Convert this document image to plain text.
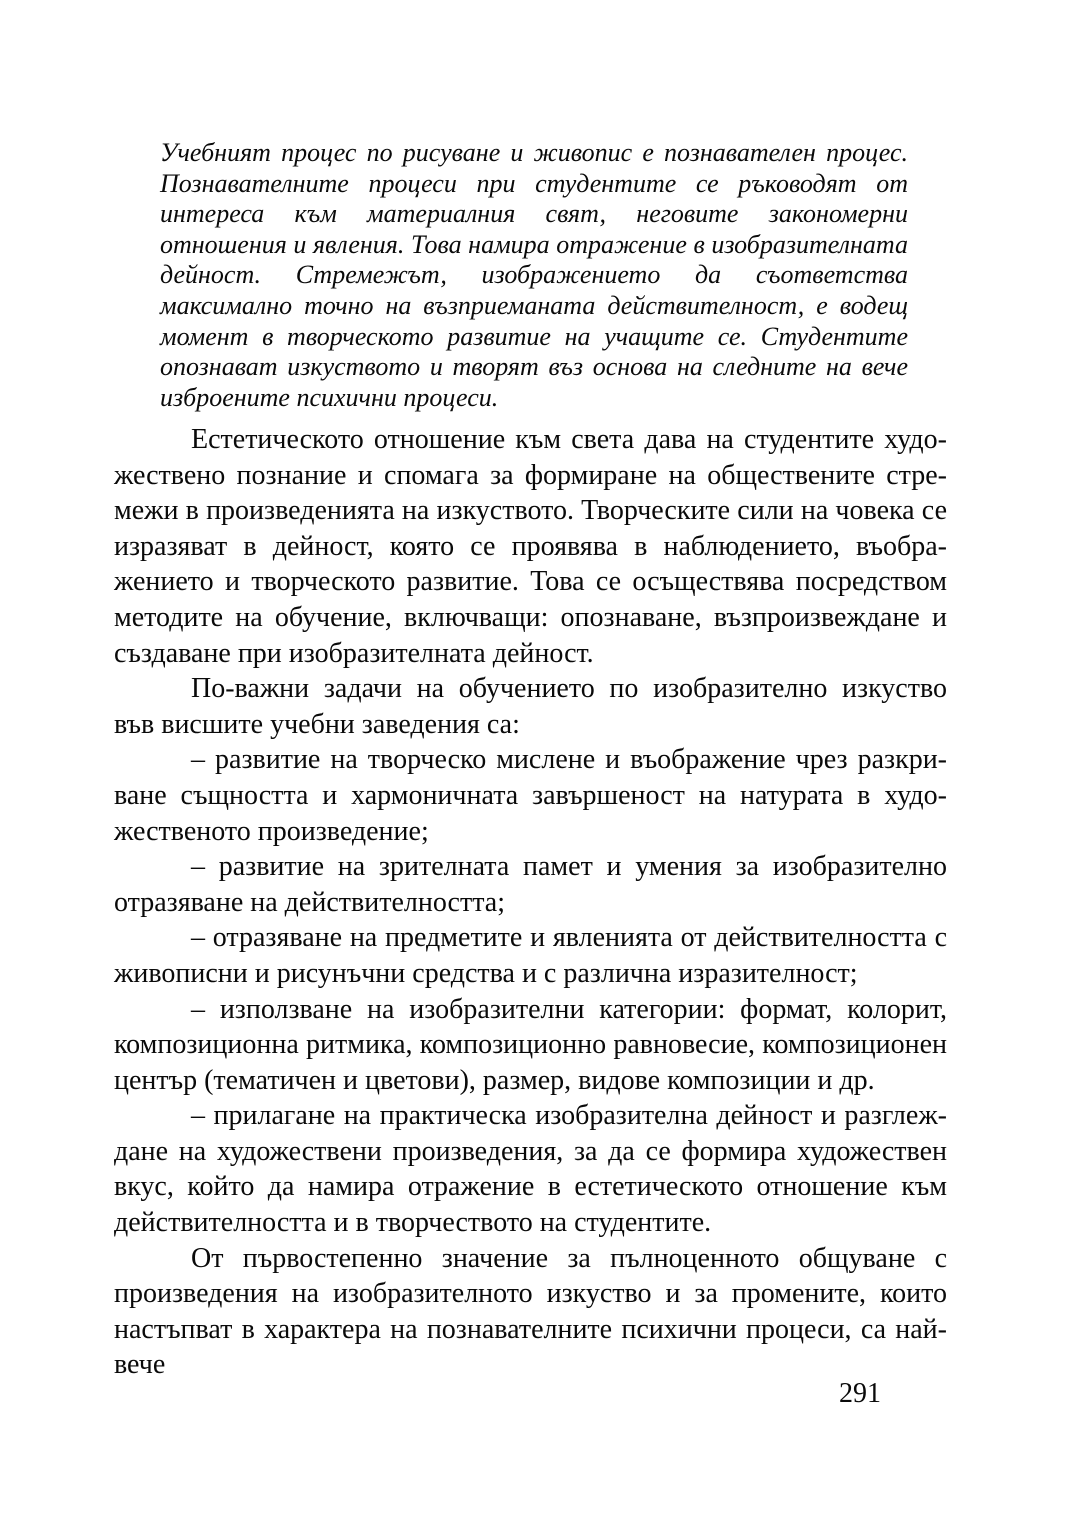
Учебният процес по рисуване и живопис е познавателен процес. Познавателните процеси при студентите се ръководят от интереса към материалния свят, неговите закономерни отношения и явления. Това намира отражение в изобразителната дейност. Стремежът, изображението да съответства максимално точно на възприеманата действителност, е водещ момент в творческото развитие на учащите се. Студентите опознават изкуството и творят въз основа на следните на вече изброените психични процеси.

Естетическото отношение към света дава на студентите художествено познание и спомага за формиране на обществените стремежи в произведенията на изкуството. Творческите сили на човека се изразяват в дейност, която се проявява в наблюдението, въображението и творческото развитие. Това се осъществява посредством методите на обучение, включващи: опознаване, възпроизвеждане и създаване при изобразителната дейност.

По-важни задачи на обучението по изобразително изкуство във висшите учебни заведения са:

– развитие на творческо мислене и въображение чрез разкриване същността и хармоничната завършеност на натурата в художественото произведение;

– развитие на зрителната памет и умения за изобразително отразяване на действителността;

– отразяване на предметите и явленията от действителността с живописни и рисунъчни средства и с различна изразителност;

– използване на изобразителни категории: формат, колорит, композиционна ритмика, композиционно равновесие, композиционен център (тематичен и цветови), размер, видове композиции и др.

– прилагане на практическа изобразителна дейност и разглеждане на художествени произведения, за да се формира художествен вкус, който да намира отражение в естетическото отношение към действителността и в творчеството на студентите.

От първостепенно значение за пълноценното общуване с произведения на изобразителното изкуство и за промените, които настъпват в характера на познавателните психични процеси, са най-вече

291
